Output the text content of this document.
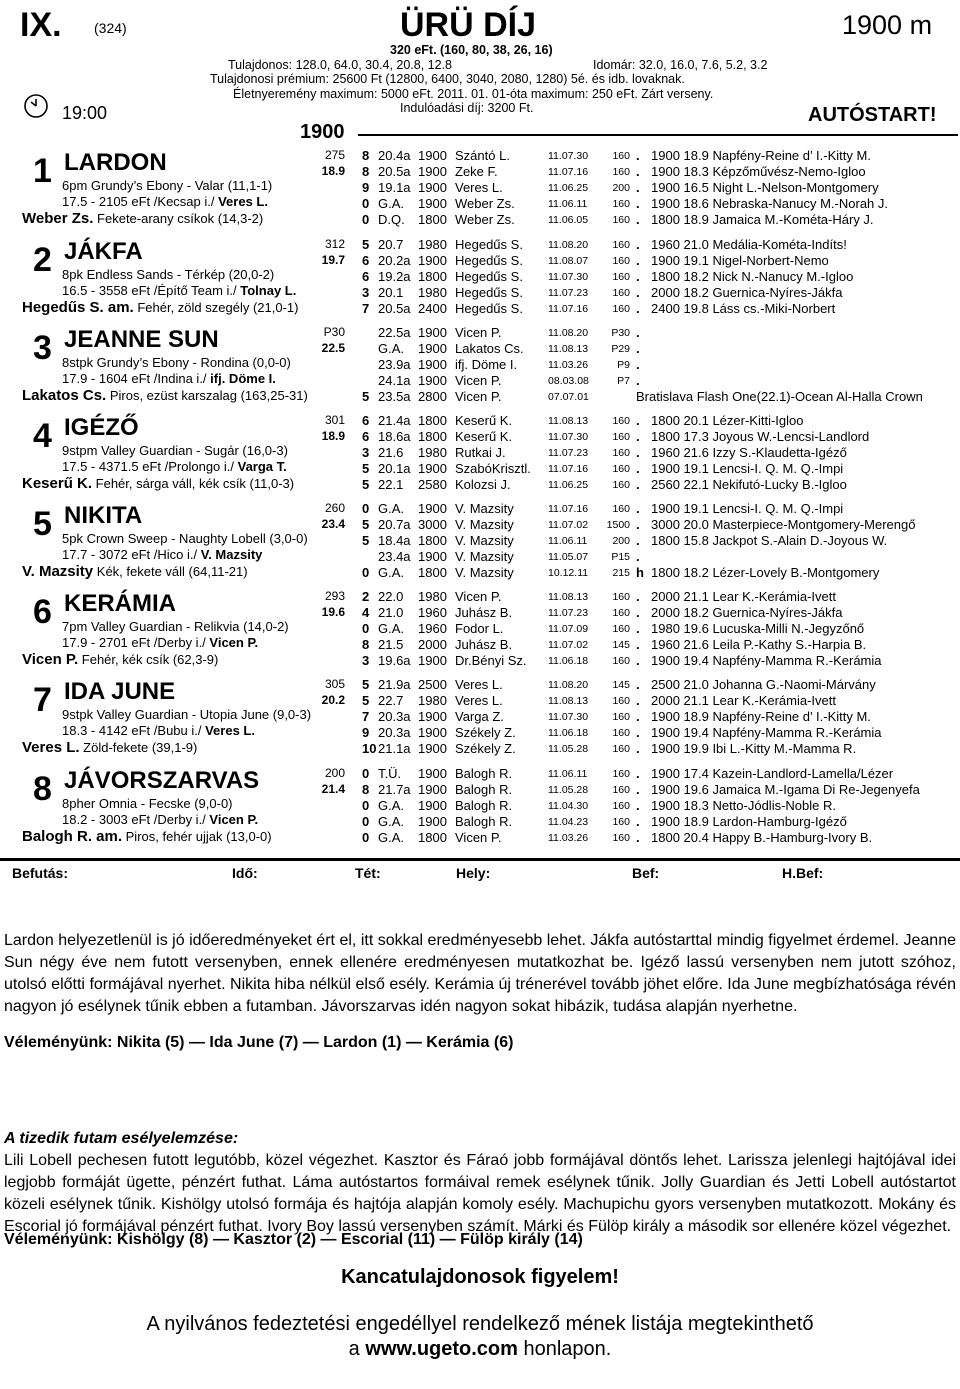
IX. (324)	ÜRÜ DÍJ	1900 m
320 eFt. (160, 80, 38, 26, 16)
Tulajdonos: 128.0, 64.0, 30.4, 20.8, 12.8	Idomár: 32.0, 16.0, 7.6, 5.2, 3.2
Tulajdonosi prémium: 25600 Ft (12800, 6400, 3040, 2080, 1280) 5é. és idb. lovaknak.
Életnyeremény maximum: 5000 eFt. 2011. 01. 01-óta maximum: 250 eFt. Zárt verseny.
Indulóadási díj: 3200 Ft.
19:00	AUTÓSTART!
1900
1 LARDON	275
18.9
6pm Grundy’s Ebony - Valar (11,1-1)
17.5 - 2105 eFt /Kecsap i./ Veres L.
Weber Zs. Fekete-arany csíkok (14,3-2)
8 20.4a 1900 Szántó L.	11.07.30	160 . 1900 18.9 Napfény-Reine d’ I.-Kitty M.
8 20.5a 1900 Zeke F.	11.07.16	160 . 1900 18.3 Képzőművész-Nemo-Igloo
9 19.1a 1900 Veres L.	11.06.25	200 . 1900 16.5 Night L.-Nelson-Montgomery
0 G.A. 1900 Weber Zs.	11.06.11	160 . 1900 18.6 Nebraska-Nanucy M.-Norah J.
0 D.Q. 1800 Weber Zs.	11.06.05	160 . 1800 18.9 Jamaica M.-Kométa-Háry J.
2 JÁKFA	312
19.7
8pk Endless Sands - Térkép (20,0-2)
16.5 - 3558 eFt /Építő Team i./ Tolnay L.
Hegedűs S. am. Fehér, zöld szegély (21,0-1)
5 20.7 1980 Hegedűs S. 11.08.20	160 . 1960 21.0 Medália-Kométa-Indíts!
6 20.2a 1900 Hegedűs S. 11.08.07	160 . 1900 19.1 Nigel-Norbert-Nemo
6 19.2a 1800 Hegedűs S. 11.07.30	160 . 1800 18.2 Nick N.-Nanucy M.-Igloo
3 20.1 1980 Hegedűs S. 11.07.23	160 . 2000 18.2 Guernica-Nyíres-Jákfa
7 20.5a 2400 Hegedűs S. 11.07.16	160 . 2400 19.8 Láss cs.-Miki-Norbert
3 JEANNE SUN	P30
22.5
8stpk Grundy’s Ebony - Rondina (0,0-0)
17.9 - 1604 eFt /Indina i./ ifj. Döme I.
Lakatos Cs. Piros, ezüst karszalag (163,25-31)
22.5a 1900 Vicen P.	11.08.20	P30 .
G.A. 1900 Lakatos Cs. 11.08.13	P29 .
23.9a 1900 ifj. Döme I.	11.03.26	P9 .
24.1a 1900 Vicen P.	08.03.08	P7 .
5 23.5a 2800 Vicen P.	07.07.01	Bratislava Flash One(22.1)-Ocean Al-Halla Crown
4 IGÉZŐ	301
18.9
9stpm Valley Guardian - Sugár (16,0-3)
17.5 - 4371.5 eFt /Prolongo i./ Varga T.
Keserű K. Fehér, sárga váll, kék csík (11,0-3)
6 21.4a 1800 Keserű K.	11.08.13	160 . 1800 20.1 Lézer-Kitti-Igloo
6 18.6a 1800 Keserű K.	11.07.30	160 . 1800 17.3 Joyous W.-Lencsi-Landlord
3 21.6 1980 Rutkai J.	11.07.23	160 . 1960 21.6 Izzy S.-Klaudetta-Igéző
5 20.1a 1900 SzabóKrisztl. 11.07.16	160 . 1900 19.1 Lencsi-I. Q. M. Q.-Impi
5 22.1 2580 Kolozsi J.	11.06.25	160 . 2560 22.1 Nekifutó-Lucky B.-Igloo
5 NIKITA	260
23.4
5pk Crown Sweep - Naughty Lobell (3,0-0)
17.7 - 3072 eFt /Hico i./ V. Mazsity
V. Mazsity Kék, fekete váll (64,11-21)
0 G.A. 1900 V. Mazsity	11.07.16	160 . 1900 19.1 Lencsi-I. Q. M. Q.-Impi
5 20.7a 3000 V. Mazsity	11.07.02	1500 . 3000 20.0 Masterpiece-Montgomery-Merengő
5 18.4a 1800 V. Mazsity	11.06.11	200 . 1800 15.8 Jackpot S.-Alain D.-Joyous W.
23.4a 1900 V. Mazsity	11.05.07	P15 .
0 G.A. 1800 V. Mazsity	10.12.11	215 h 1800 18.2 Lézer-Lovely B.-Montgomery
6 KERÁMIA	293
19.6
7pm Valley Guardian - Relikvia (14,0-2)
17.9 - 2701 eFt /Derby i./ Vicen P.
Vicen P. Fehér, kék csík (62,3-9)
2 22.0 1980 Vicen P.	11.08.13	160 . 2000 21.1 Lear K.-Kerámia-Ivett
4 21.0 1960 Juhász B.	11.07.23	160 . 2000 18.2 Guernica-Nyíres-Jákfa
0 G.A. 1960 Fodor L.	11.07.09	160 . 1980 19.6 Lucuska-Milli N.-Jegyzőnő
8 21.5 2000 Juhász B.	11.07.02	145 . 1960 21.6 Leila P.-Kathy S.-Harpia B.
3 19.6a 1900 Dr.Bényi Sz. 11.06.18	160 . 1900 19.4 Napfény-Mamma R.-Kerámia
7 IDA JUNE	305
20.2
9stpk Valley Guardian - Utopia June (9,0-3)
18.3 - 4142 eFt /Bubu i./ Veres L.
Veres L. Zöld-fekete (39,1-9)
5 21.9a 2500 Veres L.	11.08.20	145 . 2500 21.0 Johanna G.-Naomi-Márvány
5 22.7 1980 Veres L.	11.08.13	160 . 2000 21.1 Lear K.-Kerámia-Ivett
7 20.3a 1900 Varga Z.	11.07.30	160 . 1900 18.9 Napfény-Reine d’ I.-Kitty M.
9 20.3a 1900 Székely Z.	11.06.18	160 . 1900 19.4 Napfény-Mamma R.-Kerámia
10 21.1a 1900 Székely Z.	11.05.28	160 . 1900 19.9 Ibi L.-Kitty M.-Mamma R.
8 JÁVORSZARVAS	200
21.4
8pher Omnia - Fecske (9,0-0)
18.2 - 3003 eFt /Derby i./ Vicen P.
Balogh R. am. Piros, fehér ujjak (13,0-0)
0 T.Ü. 1900 Balogh R.	11.06.11	160 . 1900 17.4 Kazein-Landlord-Lamella/Lézer
8 21.7a 1900 Balogh R.	11.05.28	160 . 1900 19.6 Jamaica M.-Igama Di Re-Jegenyefa
0 G.A. 1900 Balogh R.	11.04.30	160 . 1900 18.3 Netto-Jódlis-Noble R.
0 G.A. 1900 Balogh R.	11.04.23	160 . 1900 18.9 Lardon-Hamburg-Igéző
0 G.A. 1800 Vicen P.	11.03.26	160 . 1800 20.4 Happy B.-Hamburg-Ivory B.
Befutás:	Idő:	Tét:	Hely:	Bef:	H.Bef:
Lardon helyezetlenül is jó időeredményeket ért el, itt sokkal eredményesebb lehet. Jákfa autóstarttal mindig figyelmet érdemel. Jeanne Sun négy éve nem futott versenyben, ennek ellenére eredményesen mutatkozhat be. Igéző lassú versenyben nem jutott szóhoz, utolsó előtti formájával nyerhet. Nikita hiba nélkül első esély. Kerámia új trénerével tovább jöhet előre. Ida June megbízhatósága révén nagyon jó esélynek tűnik ebben a futamban. Jávorszarvas idén nagyon sokat hibázik, tudása alapján nyerhetne.
Véleményünk: Nikita (5) — Ida June (7) — Lardon (1) — Kerámia (6)
A tizedik futam esélyelemzése:
Lili Lobell pechesen futott legutóbb, közel végezhet. Kasztor és Fáraó jobb formájával döntős lehet. Larissza jelenlegi hajtójával idei legjobb formáját ügette, pénzért futhat. Láma autóstartos formáival remek esélynek tűnik. Jolly Guardian és Jetti Lobell autóstartot közeli esélynek tűnik. Kishölgy utolsó formája és hajtója alapján komoly esély. Machupichu gyors versenyben mutatkozott. Mokány és Escorial jó formájával pénzért futhat. Ivory Boy lassú versenyben számít. Márki és Fülöp király a második sor ellenére közel végezhet.
Véleményünk: Kishölgy (8) — Kasztor (2) — Escorial (11) — Fülöp király (14)
Kancatulajdonosok figyelem!
A nyilvános fedeztetési engedéllyel rendelkező mének listája megtekinthető
a www.ugeto.com honlapon.
